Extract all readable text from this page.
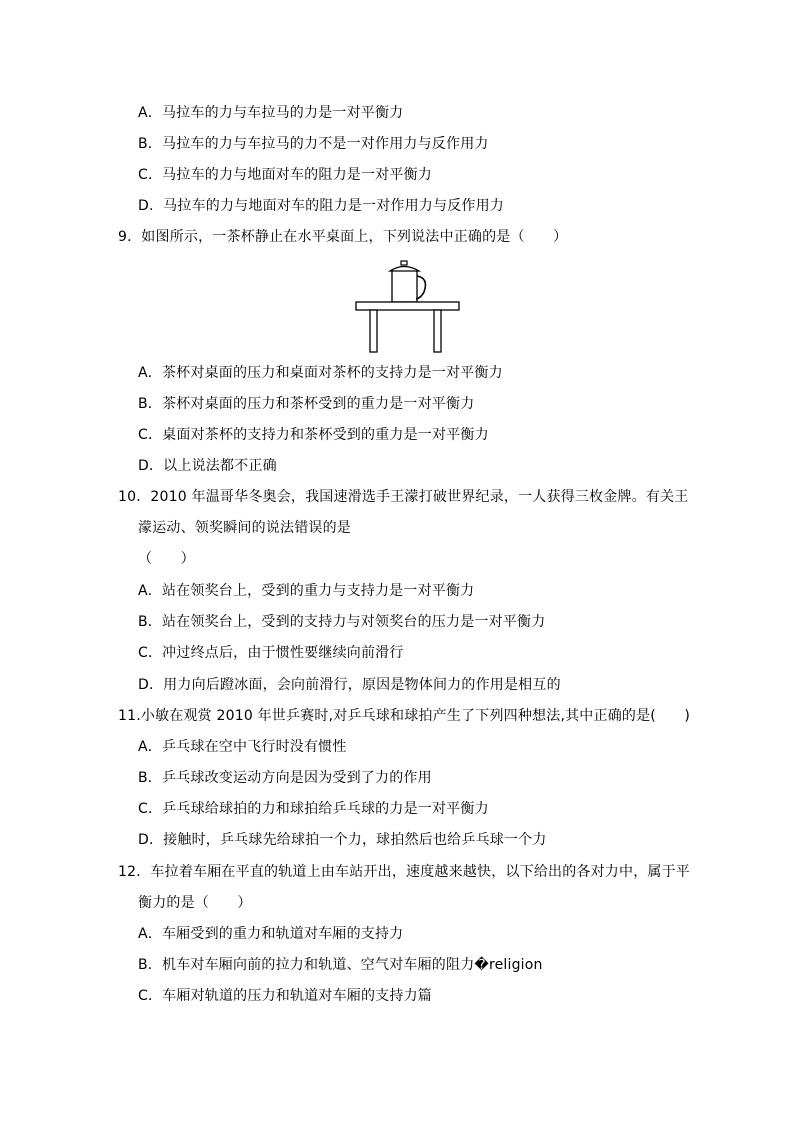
A．马拉车的力与车拉马的力是一对平衡力
B．马拉车的力与车拉马的力不是一对作用力与反作用力
C．马拉车的力与地面对车的阻力是一对平衡力
D．马拉车的力与地面对车的阻力是一对作用力与反作用力
9．如图所示，一茶杯静止在水平桌面上，下列说法中正确的是（　　）
A．茶杯对桌面的压力和桌面对茶杯的支持力是一对平衡力
B．茶杯对桌面的压力和茶杯受到的重力是一对平衡力
C．桌面对茶杯的支持力和茶杯受到的重力是一对平衡力
D．以上说法都不正确
10．2010 年温哥华冬奥会，我国速滑选手王濛打破世界纪录，一人获得三枚金牌。有关王
濛运动、领奖瞬间的说法错误的是
（　　）
A．站在领奖台上，受到的重力与支持力是一对平衡力
B．站在领奖台上，受到的支持力与对领奖台的压力是一对平衡力
C．冲过终点后，由于惯性要继续向前滑行
D．用力向后蹬冰面，会向前滑行，原因是物体间力的作用是相互的
11.小敏在观赏 2010 年世乒赛时,对乒乓球和球拍产生了下列四种想法,其中正确的是(　　)
A．乒乓球在空中飞行时没有惯性
B．乒乓球改变运动方向是因为受到了力的作用
C．乒乓球给球拍的力和球拍给乒乓球的力是一对平衡力
D．接触时，乒乓球先给球拍一个力，球拍然后也给乒乓球一个力
12．车拉着车厢在平直的轨道上由车站开出，速度越来越快，以下给出的各对力中，属于平
衡力的是（　　）
A．车厢受到的重力和轨道对车厢的支持力
B．机车对车厢向前的拉力和轨道、空气对车厢的阻力�religion
C．车厢对轨道的压力和轨道对车厢的支持力篇
